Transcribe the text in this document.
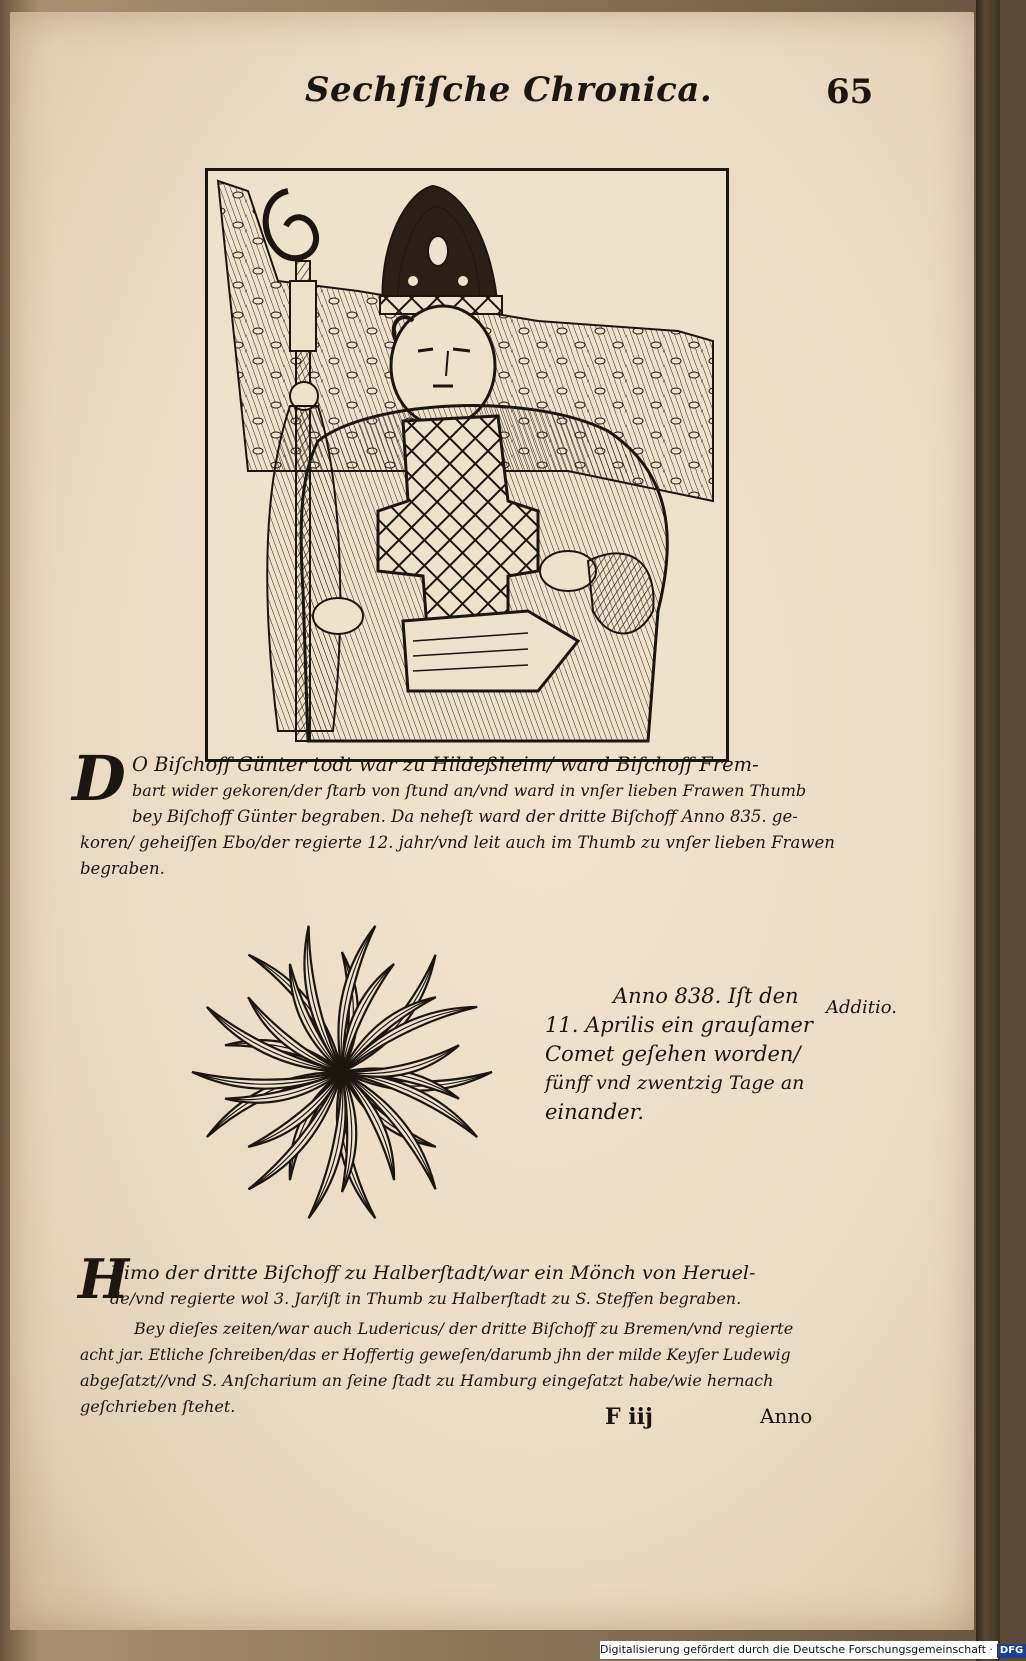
Sechſiſche Chronica.	65
D O Biſchoff Günter todt war zu Hildeßheim/ ward Biſchoff Frem-
bart wider gekoren/der ſtarb von ſtund an/vnd ward in vnſer lieben Frawen Thumb
bey Biſchoff Günter begraben. Da neheſt ward der dritte Biſchoff Anno 835. ge-
koren/ geheiſſen Ebo/der regierte 12. jahr/vnd leit auch im Thumb zu vnſer lieben Frawen
begraben.
Anno 838. Iſt den
11. Aprilis ein grauſamer
Comet geſehen worden/
fünff vnd zwentzig Tage an
einander.
Additio.
H
Eimo der dritte Biſchoff zu Halberſtadt/war ein Mönch von Heruel-
de/vnd regierte wol 3. Jar/iſt in Thumb zu Halberſtadt zu S. Steffen begraben.
Bey dieſes zeiten/war auch Ludericus/ der dritte Biſchoff zu Bremen/vnd regierte
acht jar. Etliche ſchreiben/das er Hoffertig geweſen/darumb jhn der milde Keyſer Ludewig
abgeſatzt//vnd S. Anſcharium an ſeine ſtadt zu Hamburg eingeſatzt habe/wie hernach
geſchrieben ſtehet.	F iij	Anno
Digitalisierung gefördert durch die Deutsche Forschungsgemeinschaft · DFG
